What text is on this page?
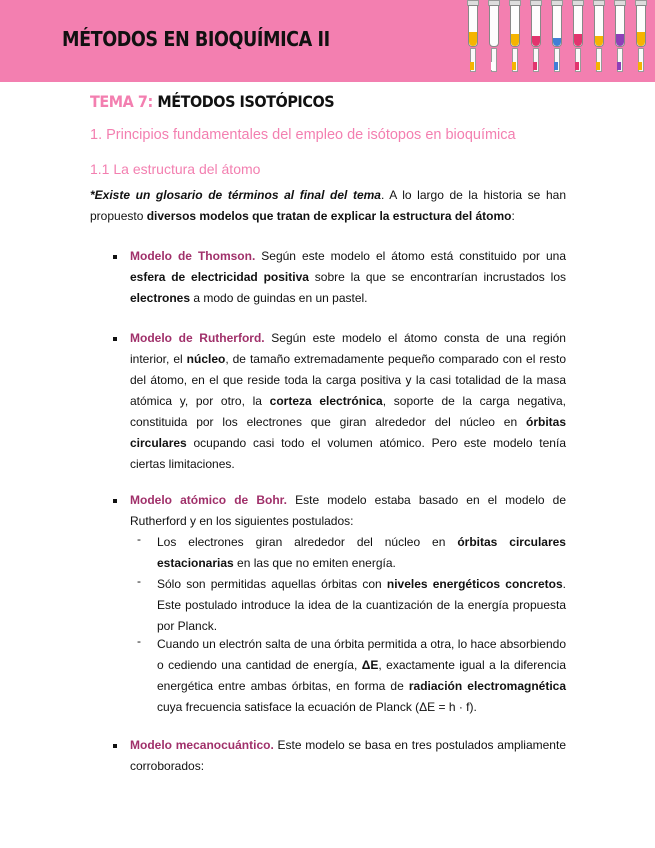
MÉTODOS EN BIOQUÍMICA II
TEMA 7: MÉTODOS ISOTÓPICOS
1. Principios fundamentales del empleo de isótopos en bioquímica
1.1 La estructura del átomo
*Existe un glosario de términos al final del tema. A lo largo de la historia se han propuesto diversos modelos que tratan de explicar la estructura del átomo:
Modelo de Thomson. Según este modelo el átomo está constituido por una esfera de electricidad positiva sobre la que se encontrarían incrustados los electrones a modo de guindas en un pastel.
Modelo de Rutherford. Según este modelo el átomo consta de una región interior, el núcleo, de tamaño extremadamente pequeño comparado con el resto del átomo, en el que reside toda la carga positiva y la casi totalidad de la masa atómica y, por otro, la corteza electrónica, soporte de la carga negativa, constituida por los electrones que giran alrededor del núcleo en órbitas circulares ocupando casi todo el volumen atómico. Pero este modelo tenía ciertas limitaciones.
Modelo atómico de Bohr. Este modelo estaba basado en el modelo de Rutherford y en los siguientes postulados:
- Los electrones giran alrededor del núcleo en órbitas circulares estacionarias en las que no emiten energía.
- Sólo son permitidas aquellas órbitas con niveles energéticos concretos. Este postulado introduce la idea de la cuantización de la energía propuesta por Planck.
- Cuando un electrón salta de una órbita permitida a otra, lo hace absorbiendo o cediendo una cantidad de energía, ΔE, exactamente igual a la diferencia energética entre ambas órbitas, en forma de radiación electromagnética cuya frecuencia satisface la ecuación de Planck (ΔE = h · f).
Modelo mecanocuántico. Este modelo se basa en tres postulados ampliamente corroborados:
